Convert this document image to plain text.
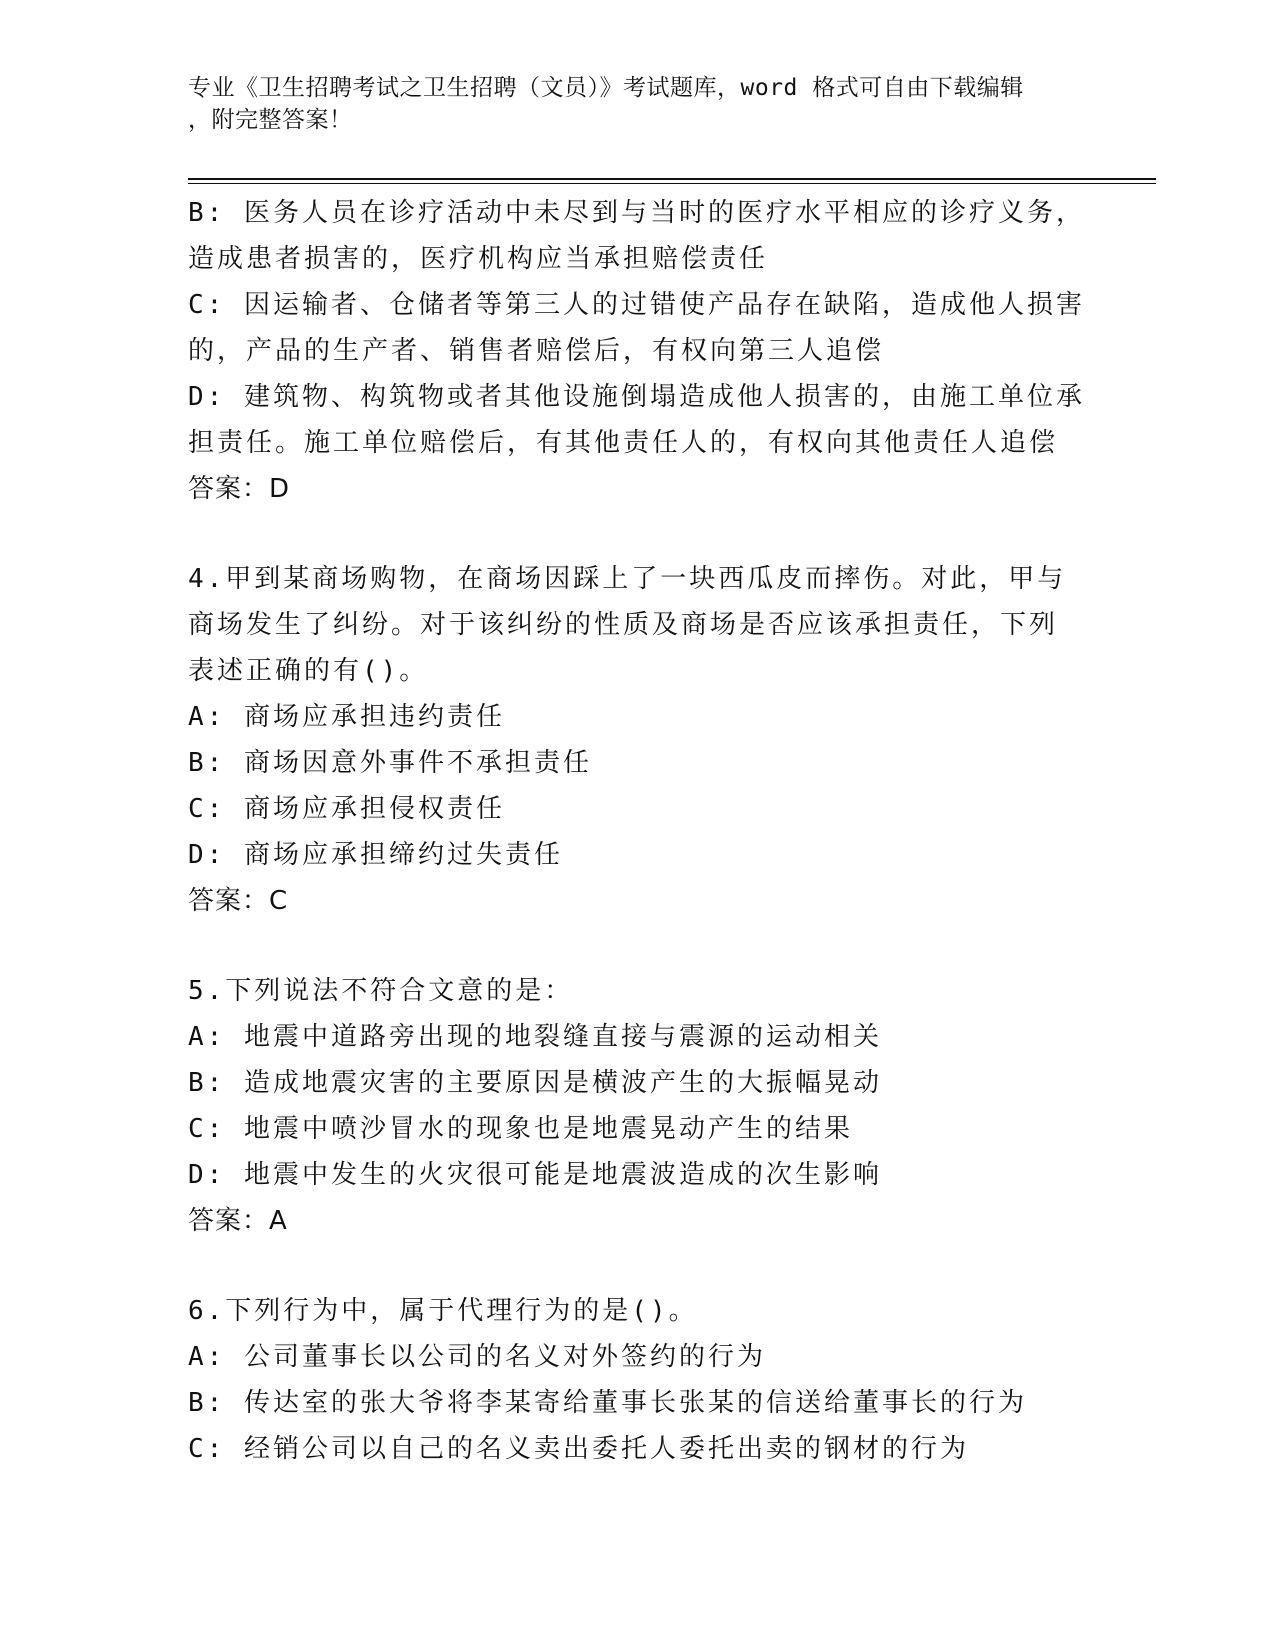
专业《卫生招聘考试之卫生招聘（文员）》考试题库，word 格式可自由下载编辑
，附完整答案！
B: 医务人员在诊疗活动中未尽到与当时的医疗水平相应的诊疗义务，
造成患者损害的，医疗机构应当承担赔偿责任
C: 因运输者、仓储者等第三人的过错使产品存在缺陷，造成他人损害
的，产品的生产者、销售者赔偿后，有权向第三人追偿
D: 建筑物、构筑物或者其他设施倒塌造成他人损害的，由施工单位承
担责任。施工单位赔偿后，有其他责任人的，有权向其他责任人追偿
答案：D
4.甲到某商场购物，在商场因踩上了一块西瓜皮而摔伤。对此，甲与
商场发生了纠纷。对于该纠纷的性质及商场是否应该承担责任，下列
表述正确的有()。
A: 商场应承担违约责任
B: 商场因意外事件不承担责任
C: 商场应承担侵权责任
D: 商场应承担缔约过失责任
答案：C
5.下列说法不符合文意的是：
A: 地震中道路旁出现的地裂缝直接与震源的运动相关
B: 造成地震灾害的主要原因是横波产生的大振幅晃动
C: 地震中喷沙冒水的现象也是地震晃动产生的结果
D: 地震中发生的火灾很可能是地震波造成的次生影响
答案：A
6.下列行为中，属于代理行为的是()。
A: 公司董事长以公司的名义对外签约的行为
B: 传达室的张大爷将李某寄给董事长张某的信送给董事长的行为
C: 经销公司以自己的名义卖出委托人委托出卖的钢材的行为
